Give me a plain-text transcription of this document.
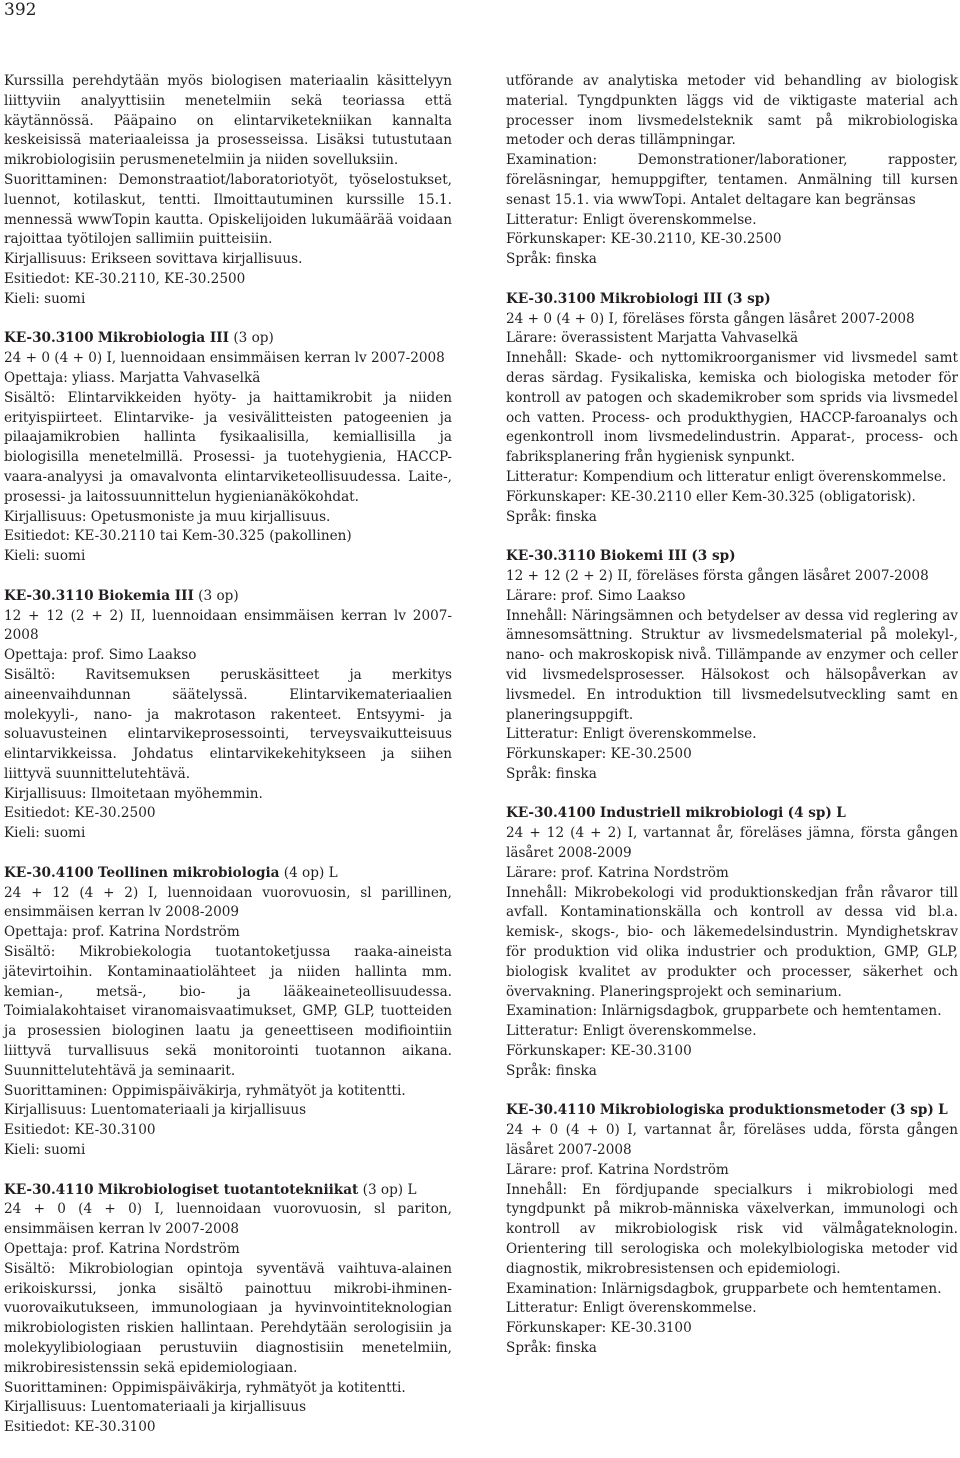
392
Kurssilla perehdytään myös biologisen materiaalin käsittelyyn liittyviin analyyttisiin menetelmiin sekä teoriassa että käytännössä. Pääpaino on elintarviketekniikan kannalta keskeisissä materiaaleissa ja prosesseissa. Lisäksi tutustutaan mikrobiologisiin perusmenetelmiin ja niiden sovelluksiin.
Suorittaminen: Demonstraatiot/laboratoriotyöt, työselostukset, luennot, kotilaskut, tentti. Ilmoittautuminen kurssille 15.1. mennessä wwwTopin kautta. Opiskelijoiden lukumäärää voidaan rajoittaa työtilojen sallimiin puitteisiin.
Kirjallisuus: Erikseen sovittava kirjallisuus.
Esitiedot: KE-30.2110, KE-30.2500
Kieli: suomi
KE-30.3100 Mikrobiologia III (3 op)
24 + 0 (4 + 0) I, luennoidaan ensimmäisen kerran lv 2007-2008
Opettaja: yliass. Marjatta Vahvaselkä
Sisältö: Elintarvikkeiden hyöty- ja haittamikrobit ja niiden erityispiirteet. Elintarvike- ja vesivälitteisten patogeenien ja pilaajamikrobien hallinta fysikaalisilla, kemiallisilla ja biologisilla menetelmillä. Prosessi- ja tuotehygienia, HACCP-vaara-analyysi ja omavalvonta elintarviketeollisuudessa. Laite-, prosessi- ja laitossuunnittelun hygienianäkökohdat.
Kirjallisuus: Opetusmoniste ja muu kirjallisuus.
Esitiedot: KE-30.2110 tai Kem-30.325 (pakollinen)
Kieli: suomi
KE-30.3110 Biokemia III (3 op)
12 + 12 (2 + 2) II, luennoidaan ensimmäisen kerran lv 2007-2008
Opettaja: prof. Simo Laakso
Sisältö: Ravitsemuksen peruskäsitteet ja merkitys aineenvaihdunnan säätelyssä. Elintarvikemateriaalien molekyyli-, nano- ja makrotason rakenteet. Entsyymi- ja soluavusteinen elintarvikeprosessointi, terveysvaikutteisuus elintarvikkeissa. Johdatus elintarvikekehitykseen ja siihen liittyvä suunnittelutehtävä.
Kirjallisuus: Ilmoitetaan myöhemmin.
Esitiedot: KE-30.2500
Kieli: suomi
KE-30.4100 Teollinen mikrobiologia (4 op) L
24 + 12 (4 + 2) I, luennoidaan vuorovuosin, sl parillinen, ensimmäisen kerran lv 2008-2009
Opettaja: prof. Katrina Nordström
Sisältö: Mikrobiekologia tuotantoketjussa raaka-aineista jätevirtoihin. Kontaminaatiolähteet ja niiden hallinta mm. kemian-, metsä-, bio- ja lääkeaineteollisuudessa. Toimialakohtaiset viranomaisvaatimukset, GMP, GLP, tuotteiden ja prosessien biologinen laatu ja geneettiseen modifiointiin liittyvä turvallisuus sekä monitorointi tuotannon aikana. Suunnittelutehtävä ja seminaarit.
Suorittaminen: Oppimispäiväkirja, ryhmätyöt ja kotitentti.
Kirjallisuus: Luentomateriaali ja kirjallisuus
Esitiedot: KE-30.3100
Kieli: suomi
KE-30.4110 Mikrobiologiset tuotantotekniikat (3 op) L
24 + 0 (4 + 0) I, luennoidaan vuorovuosin, sl pariton, ensimmäisen kerran lv 2007-2008
Opettaja: prof. Katrina Nordström
Sisältö: Mikrobiologian opintoja syventävä vaihtuva-alainen erikoiskurssi, jonka sisältö painottuu mikrobi-ihminen-vuorovaikutukseen, immunologiaan ja hyvinvointiteknologian mikrobiologisten riskien hallintaan. Perehdytään serologisiin ja molekyylibiologiaan perustuviin diagnostisiin menetelmiin, mikrobiresistenssin sekä epidemiologiaan.
Suorittaminen: Oppimispäiväkirja, ryhmätyöt ja kotitentti.
Kirjallisuus: Luentomateriaali ja kirjallisuus
Esitiedot: KE-30.3100
utförande av analytiska metoder vid behandling av biologisk material. Tyngdpunkten läggs vid de viktigaste material ach processer inom livsmedelsteknik samt på mikrobiologiska metoder och deras tillämpningar.
Examination: Demonstrationer/laborationer, rapposter, föreläsningar, hemuppgifter, tentamen. Anmälning till kursen senast 15.1. via wwwTopi. Antalet deltagare kan begränsas
Litteratur: Enligt överenskommelse.
Förkunskaper: KE-30.2110, KE-30.2500
Språk: finska
KE-30.3100 Mikrobiologi III (3 sp)
24 + 0 (4 + 0) I, föreläses första gången läsåret 2007-2008
Lärare: överassistent Marjatta Vahvaselkä
Innehåll: Skade- och nyttomikroorganismer vid livsmedel samt deras särdag. Fysikaliska, kemiska och biologiska metoder för kontroll av patogen och skademikrober som sprids via livsmedel och vatten. Process- och produkthygien, HACCP-faroanalys och egenkontroll inom livsmedelindustrin. Apparat-, process- och fabriksplanering från hygienisk synpunkt.
Litteratur: Kompendium och litteratur enligt överenskommelse.
Förkunskaper: KE-30.2110 eller Kem-30.325 (obligatorisk).
Språk: finska
KE-30.3110 Biokemi III (3 sp)
12 + 12 (2 + 2) II, föreläses första gången läsåret 2007-2008
Lärare: prof. Simo Laakso
Innehåll: Näringsämnen och betydelser av dessa vid reglering av ämnesomsättning. Struktur av livsmedelsmaterial på molekyl-, nano- och makroskopisk nivå. Tillämpande av enzymer och celler vid livsmedelsprosesser. Hälsokost och hälsopåverkan av livsmedel. En introduktion till livsmedelsutveckling samt en planeringsuppgift.
Litteratur: Enligt överenskommelse.
Förkunskaper: KE-30.2500
Språk: finska
KE-30.4100 Industriell mikrobiologi (4 sp) L
24 + 12 (4 + 2) I, vartannat år, föreläses jämna, första gången läsåret 2008-2009
Lärare: prof. Katrina Nordström
Innehåll: Mikrobekologi vid produktionskedjan från råvaror till avfall. Kontaminationskälla och kontroll av dessa vid bl.a. kemisk-, skogs-, bio- och läkemedelsindustrin. Myndighetskrav för produktion vid olika industrier och produktion, GMP, GLP, biologisk kvalitet av produkter och processer, säkerhet och övervakning. Planeringsprojekt och seminarium.
Examination: Inlärnigsdagbok, grupparbete och hemtentamen.
Litteratur: Enligt överenskommelse.
Förkunskaper: KE-30.3100
Språk: finska
KE-30.4110 Mikrobiologiska produktionsmetoder (3 sp) L
24 + 0 (4 + 0) I, vartannat år, föreläses udda, första gången läsåret 2007-2008
Lärare: prof. Katrina Nordström
Innehåll: En fördjupande specialkurs i mikrobiologi med tyngdpunkt på mikrob-människa växelverkan, immunologi och kontroll av mikrobiologisk risk vid välmågateknologin. Orientering till serologiska och molekylbiologiska metoder vid diagnostik, mikrobresistensen och epidemiologi.
Examination: Inlärnigsdagbok, grupparbete och hemtentamen.
Litteratur: Enligt överenskommelse.
Förkunskaper: KE-30.3100
Språk: finska
